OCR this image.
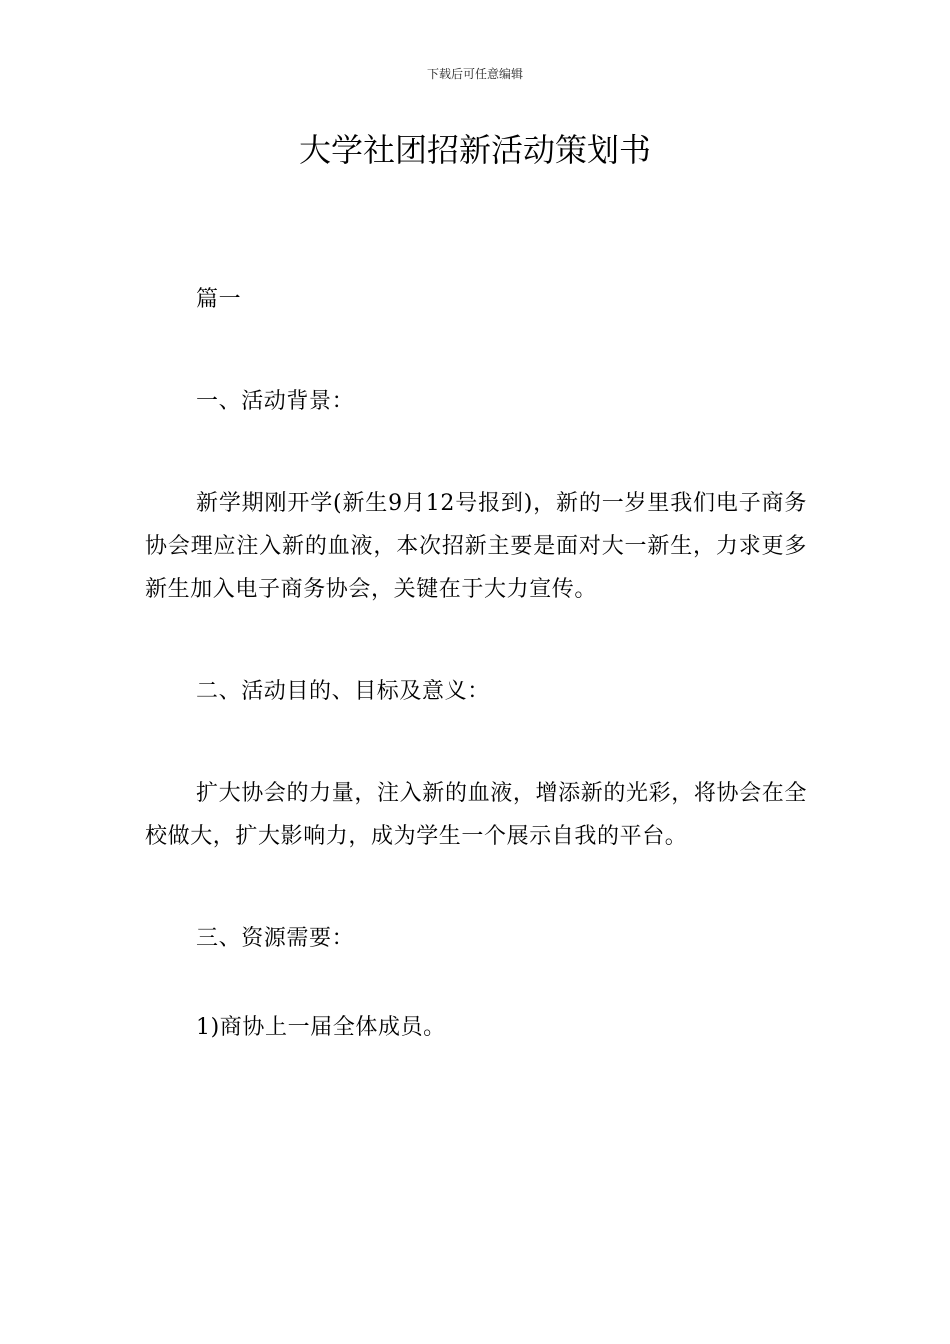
下载后可任意编辑
大学社团招新活动策划书

篇一

一、活动背景：

新学期刚开学(新生9月12号报到)，新的一岁里我们电子商务协会理应注入新的血液，本次招新主要是面对大一新生，力求更多新生加入电子商务协会，关键在于大力宣传。

二、活动目的、目标及意义：

扩大协会的力量，注入新的血液，增添新的光彩，将协会在全校做大，扩大影响力，成为学生一个展示自我的平台。

三、资源需要：

1)商协上一届全体成员。
